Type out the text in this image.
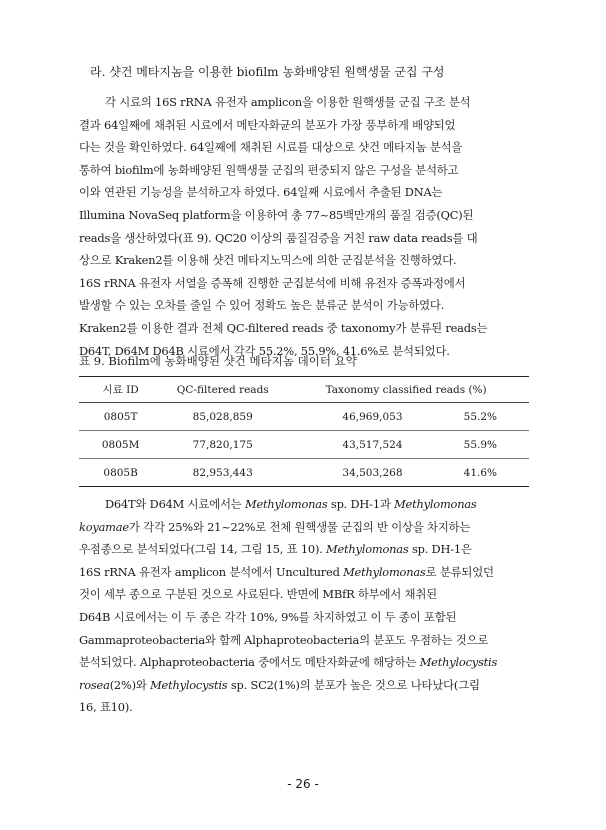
라. 샷건 메타지놈을 이용한 biofilm 농화배양된 원핵생물 군집 구성
각 시료의 16S rRNA 유전자 amplicon을 이용한 원핵생물 군집 구조 분석
결과 64일째에 채취된 시료에서 메탄자화균의 분포가 가장 풍부하게 배양되었
다는 것을 확인하였다. 64일째에 채취된 시료를 대상으로 샷건 메타지놈 분석을
통하여 biofilm에 농화배양된 원핵생물 군집의 편중되지 않은 구성을 분석하고
이와 연관된 기능성을 분석하고자 하였다. 64일째 시료에서 추출된 DNA는
Illumina NovaSeq platform을 이용하여 총 77~85백만개의 품질 검증(QC)된
reads을 생산하였다(표 9). QC20 이상의 품질검증을 거친 raw data reads를 대
상으로 Kraken2를 이용해 샷건 메타지노믹스에 의한 군집분석을 진행하였다.
16S rRNA 유전자 서열을 증폭해 진행한 군집분석에 비해 유전자 증폭과정에서
발생할 수 있는 오차를 줄일 수 있어 정확도 높은 분류군 분석이 가능하였다.
Kraken2를 이용한 결과 전체 QC-filtered reads 중 taxonomy가 분류된 reads는
D64T, D64M D64B 시료에서 각각 55.2%, 55.9%, 41.6%로 분석되었다.
표 9. Biofilm에 농화배양된 샷건 메타지놈 데이터 요약
시료 ID	QC-filtered reads	Taxonomy classified reads (%)	
0805T	85,028,859	46,969,053	55.2%
0805M	77,820,175	43,517,524	55.9%
0805B	82,953,443	34,503,268	41.6%
D64T와 D64M 시료에서는 Methylomonas sp. DH-1과 Methylomonas
koyamae가 각각 25%와 21~22%로 전체 원핵생물 군집의 반 이상을 차지하는
우점종으로 분석되었다(그림 14, 그림 15, 표 10). Methylomonas sp. DH-1은
16S rRNA 유전자 amplicon 분석에서 Uncultured Methylomonas로 분류되었던
것이 세부 종으로 구분된 것으로 사료된다. 반면에 MBfR 하부에서 채취된
D64B 시료에서는 이 두 종은 각각 10%, 9%를 차지하였고 이 두 종이 포함된
Gammaproteobacteria와 함께 Alphaproteobacteria의 분포도 우점하는 것으로
분석되었다. Alphaproteobacteria 중에서도 메탄자화균에 해당하는 Methylocystis
rosea(2%)와 Methylocystis sp. SC2(1%)의 분포가 높은 것으로 나타났다(그림
16, 표10).
- 26 -
